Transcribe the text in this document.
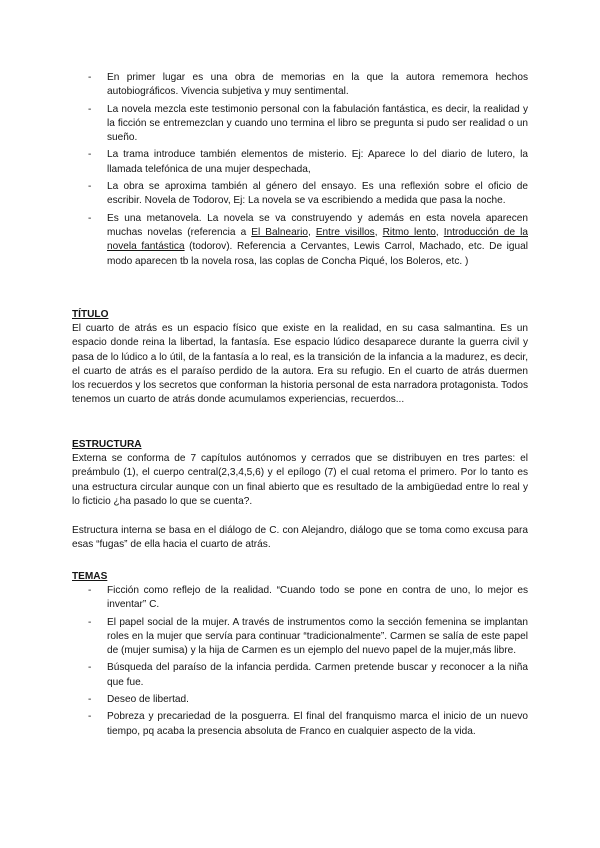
- En primer lugar es una obra de memorias en la que la autora rememora hechos autobiográficos. Vivencia subjetiva y muy sentimental.
- La novela mezcla este testimonio personal con la fabulación fantástica, es decir, la realidad y la ficción se entremezclan y cuando uno termina el libro se pregunta si pudo ser realidad o un sueño.
- La trama introduce también elementos de misterio. Ej: Aparece lo del diario de lutero, la llamada telefónica de una mujer despechada,
- La obra se aproxima también al género del ensayo. Es una reflexión sobre el oficio de escribir. Novela de Todorov, Ej: La novela se va escribiendo a medida que pasa la noche.
- Es una metanovela. La novela se va construyendo y además en esta novela aparecen muchas novelas (referencia a El Balneario, Entre visillos, Ritmo lento, Introducción de la novela fantástica (todorov). Referencia a Cervantes, Lewis Carrol, Machado, etc. De igual modo aparecen tb la novela rosa, las coplas de Concha Piqué, los Boleros, etc. )
TÍTULO

El cuarto de atrás es un espacio físico que existe en la realidad, en su casa salmantina. Es un espacio donde reina la libertad, la fantasía. Ese espacio lúdico desaparece durante la guerra civil y pasa de lo lúdico a lo útil, de la fantasía a lo real, es la transición de la infancia a la madurez, es decir, el cuarto de atrás es el paraíso perdido de la autora. Era su refugio. En el cuarto de atrás duermen los recuerdos y los secretos que conforman la historia personal de esta narradora protagonista. Todos tenemos un cuarto de atrás donde acumulamos experiencias, recuerdos...

ESTRUCTURA

Externa se conforma de 7 capítulos autónomos y cerrados que se distribuyen en tres partes: el preámbulo (1), el cuerpo central(2,3,4,5,6) y el epílogo (7) el cual retoma el primero. Por lo tanto es una estructura circular aunque con un final abierto que es resultado de la ambigüedad entre lo real y lo ficticio ¿ha pasado lo que se cuenta?.

Estructura interna se basa en el diálogo de C. con Alejandro, diálogo que se toma como excusa para esas “fugas” de ella hacia el cuarto de atrás.

TEMAS
- Ficción como reflejo de la realidad. “Cuando todo se pone en contra de uno, lo mejor es inventar” C.
- El papel social de la mujer. A través de instrumentos como la sección femenina se implantan roles en la mujer que servía para continuar “tradicionalmente”. Carmen se salía de este papel de (mujer sumisa) y la hija de Carmen es un ejemplo del nuevo papel de la mujer,más libre.
- Búsqueda del paraíso de la infancia perdida. Carmen pretende buscar y reconocer a la niña que fue.
- Deseo de libertad.
- Pobreza y precariedad de la posguerra. El final del franquismo marca el inicio de un nuevo tiempo, pq acaba la presencia absoluta de Franco en cualquier aspecto de la vida.
